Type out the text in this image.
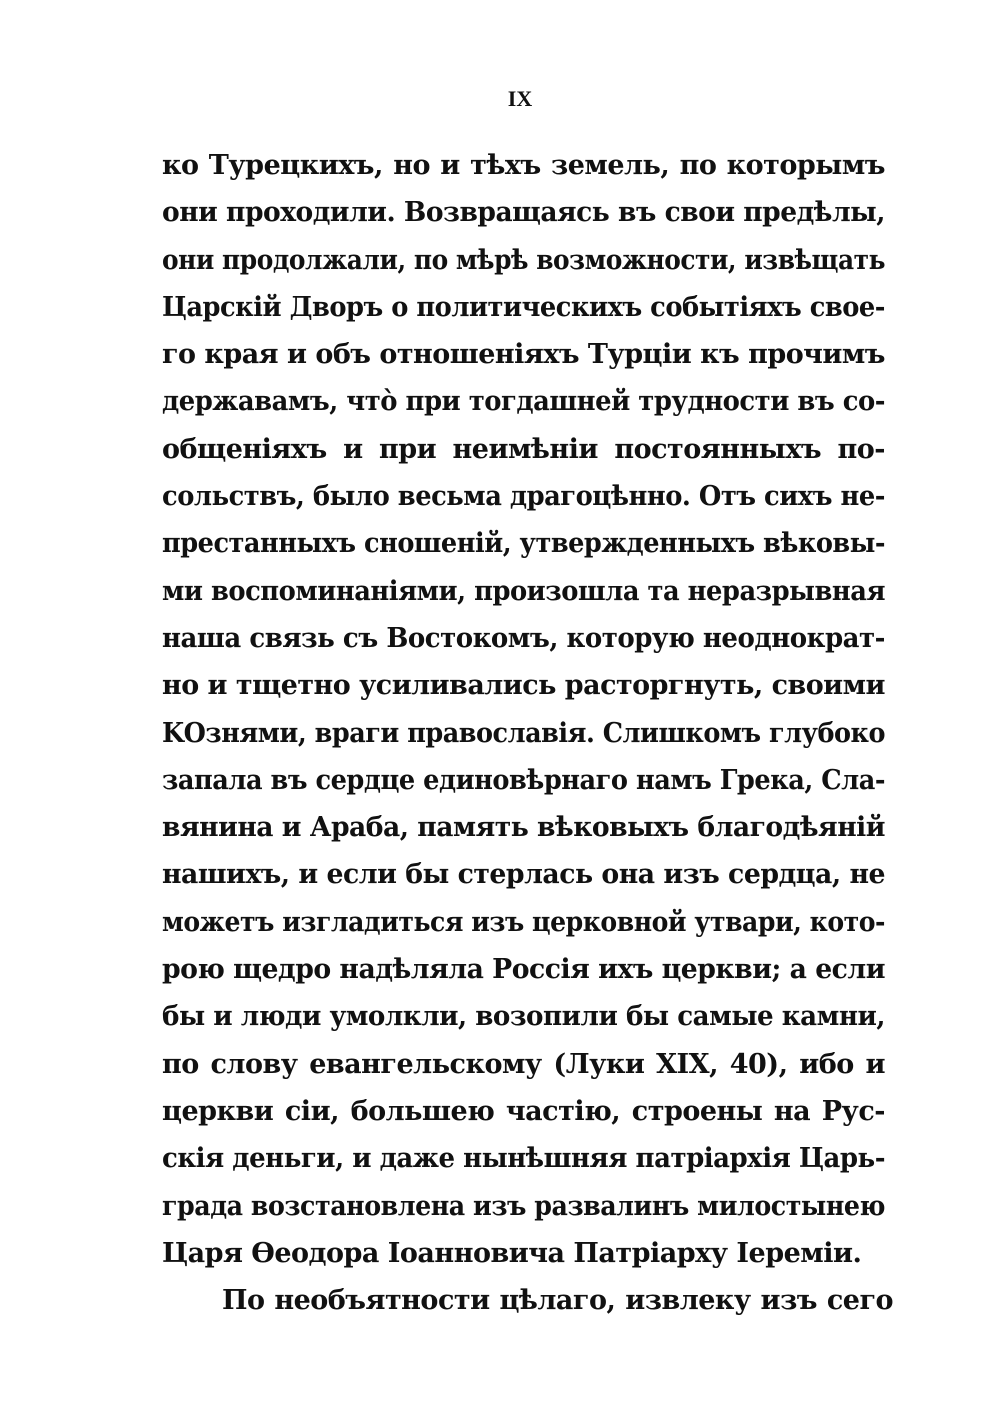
IX
ко Турецкихъ, но и тѣхъ земель, по которымъ
они проходили. Возвращаясь въ свои предѣлы,
они продолжали, по мѣрѣ возможности, извѣщать
Царскій Дворъ о политическихъ событіяхъ свое-
го края и объ отношеніяхъ Турціи къ прочимъ
державамъ, чтò при тогдашней трудности въ со-
общеніяхъ и при неимѣніи постоянныхъ по-
сольствъ, было весьма драгоцѣнно. Отъ сихъ не-
престанныхъ сношеній, утвержденныхъ вѣковы-
ми воспоминаніями, произошла та неразрывная
наша связь съ Востокомъ, которую неоднократ-
но и тщетно усиливались расторгнуть, своими
KОзнями, враги православія. Слишкомъ глубоко
запала въ сердце единовѣрнаго намъ Грека, Сла-
вянина и Араба, память вѣковыхъ благодѣяній
нашихъ, и если бы стерлась она изъ сердца, не
можетъ изгладиться изъ церковной утвари, кото-
рою щедро надѣляла Россія ихъ церкви; а если
бы и люди умолкли, возопили бы самые камни,
по слову евангельскому (Луки XIX, 40), ибо и
церкви сіи, большею частію, строены на Рус-
скія деньги, и даже нынѣшняя патріархія Царь-
града возстановлена изъ развалинъ милостынею
Царя Ѳеодора Іоанновича Патріарху Іереміи.
По необъятности цѣлаго, извлеку изъ сего
